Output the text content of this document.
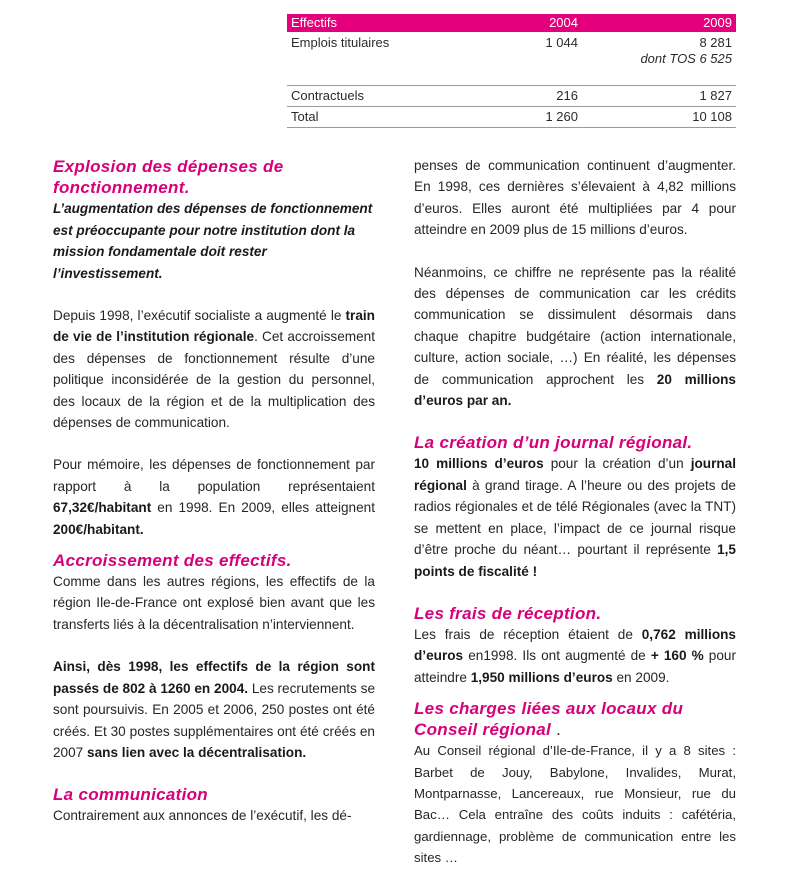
Effectifs	2004	2009
Emplois titulaires	1 044	8 281
dont TOS 6 525
Contractuels	216	1 827
Total	1 260	10 108
Explosion des dépenses de fonctionnement.

L’augmentation des dépenses de fonctionnement est préoccupante pour notre institution dont la mission fondamentale doit rester l’investissement.

Depuis 1998, l’exécutif socialiste a augmenté le train de vie de l’institution régionale. Cet accroissement des dépenses de fonctionnement résulte d’une politique inconsidérée de la gestion du personnel, des locaux de la région et de la multiplication des dépenses de communication.

Pour mémoire, les dépenses de fonctionnement par rapport à la population représentaient 67,32€/habitant en 1998. En 2009, elles atteignent 200€/habitant.

Accroissement des effectifs.

Comme dans les autres régions, les effectifs de la région Ile-de-France ont explosé bien avant que les transferts liés à la décentralisation n’interviennent.

Ainsi, dès 1998, les effectifs de la région sont passés de 802 à 1260 en 2004. Les recrutements se sont poursuivis. En 2005 et 2006, 250 postes ont été créés. Et 30 postes supplémentaires ont été créés en 2007 sans lien avec la décentralisation.

La communication

Contrairement aux annonces de l’exécutif, les dé-

penses de communication continuent d’augmenter. En 1998, ces dernières s’élevaient à 4,82 millions d’euros. Elles auront été multipliées par 4 pour atteindre en 2009 plus de 15 millions d’euros.

Néanmoins, ce chiffre ne représente pas la réalité des dépenses de communication car les crédits communication se dissimulent désormais dans chaque chapitre budgétaire (action internationale, culture, action sociale, …) En réalité, les dépenses de communication approchent les 20 millions d’euros par an.

La création d’un journal régional.

10 millions d’euros pour la création d’un journal régional à grand tirage. A l’heure ou des projets de radios régionales et de télé Régionales (avec la TNT) se mettent en place, l’impact de ce journal risque d’être proche du néant… pourtant il représente 1,5 points de fiscalité !

Les frais de réception.

Les frais de réception étaient de 0,762 millions d’euros en1998. Ils ont augmenté de + 160 % pour atteindre 1,950 millions d’euros en 2009.

Les charges liées aux locaux du Conseil régional .

Au Conseil régional d’Ile-de-France, il y a 8 sites : Barbet de Jouy, Babylone, Invalides, Murat, Montparnasse, Lancereaux, rue Monsieur, rue du Bac… Cela entraîne des coûts induits : cafétéria, gardiennage, problème de communication entre les sites …
